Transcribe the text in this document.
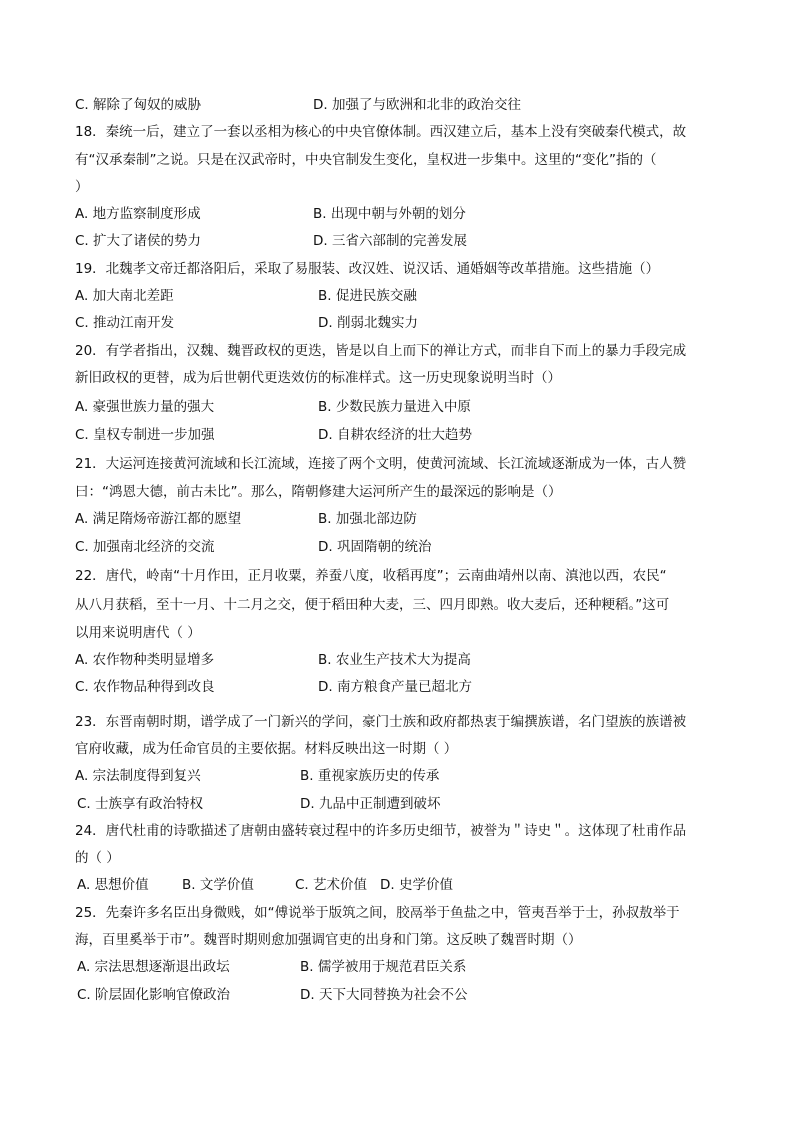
C. 解除了匈奴的威胁	D. 加强了与欧洲和北非的政治交往
18．秦统一后，建立了一套以丞相为核心的中央官僚体制。西汉建立后，基本上没有突破秦代模式，故
有“汉承秦制”之说。只是在汉武帝时，中央官制发生变化，皇权进一步集中。这里的“变化”指的（
）
A. 地方监察制度形成	B. 出现中朝与外朝的划分
C. 扩大了诸侯的势力	D. 三省六部制的完善发展
19．北魏孝文帝迁都洛阳后，采取了易服装、改汉姓、说汉话、通婚姻等改革措施。这些措施（）
A. 加大南北差距	B. 促进民族交融
C. 推动江南开发	D. 削弱北魏实力
20．有学者指出，汉魏、魏晋政权的更迭，皆是以自上而下的禅让方式，而非自下而上的暴力手段完成
新旧政权的更替，成为后世朝代更迭效仿的标准样式。这一历史现象说明当时（）
A. 豪强世族力量的强大	B. 少数民族力量进入中原
C. 皇权专制进一步加强	D. 自耕农经济的壮大趋势
21．大运河连接黄河流域和长江流域，连接了两个文明，使黄河流域、长江流域逐渐成为一体，古人赞
曰：“鸿恩大德，前古未比”。那么，隋朝修建大运河所产生的最深远的影响是（）
A. 满足隋炀帝游江都的愿望	B. 加强北部边防
C. 加强南北经济的交流	D. 巩固隋朝的统治
22．唐代，岭南“十月作田，正月收粟，养蚕八度，收稻再度”；云南曲靖州以南、滇池以西，农民“
从八月获稻，至十一月、十二月之交，便于稻田种大麦，三、四月即熟。收大麦后，还种粳稻。”这可
以用来说明唐代（ ）
A. 农作物种类明显增多	B. 农业生产技术大为提高
C. 农作物品种得到改良	D. 南方粮食产量已超北方
23．东晋南朝时期，谱学成了一门新兴的学问，豪门士族和政府都热衷于编撰族谱，名门望族的族谱被
官府收藏，成为任命官员的主要依据。材料反映出这一时期（ ）
A. 宗法制度得到复兴	B. 重视家族历史的传承
C. 士族享有政治特权	D. 九品中正制遭到破坏
24．唐代杜甫的诗歌描述了唐朝由盛转衰过程中的许多历史细节，被誉为＂诗史＂。这体现了杜甫作品
的（ ）
A. 思想价值 B. 文学价值	C. 艺术价值 D. 史学价值
25．先秦许多名臣出身微贱，如“傅说举于版筑之间，胶鬲举于鱼盐之中，管夷吾举于士，孙叔敖举于
海，百里奚举于市”。魏晋时期则愈加强调官吏的出身和门第。这反映了魏晋时期（）
A. 宗法思想逐渐退出政坛	B. 儒学被用于规范君臣关系
C. 阶层固化影响官僚政治	D. 天下大同替换为社会不公
